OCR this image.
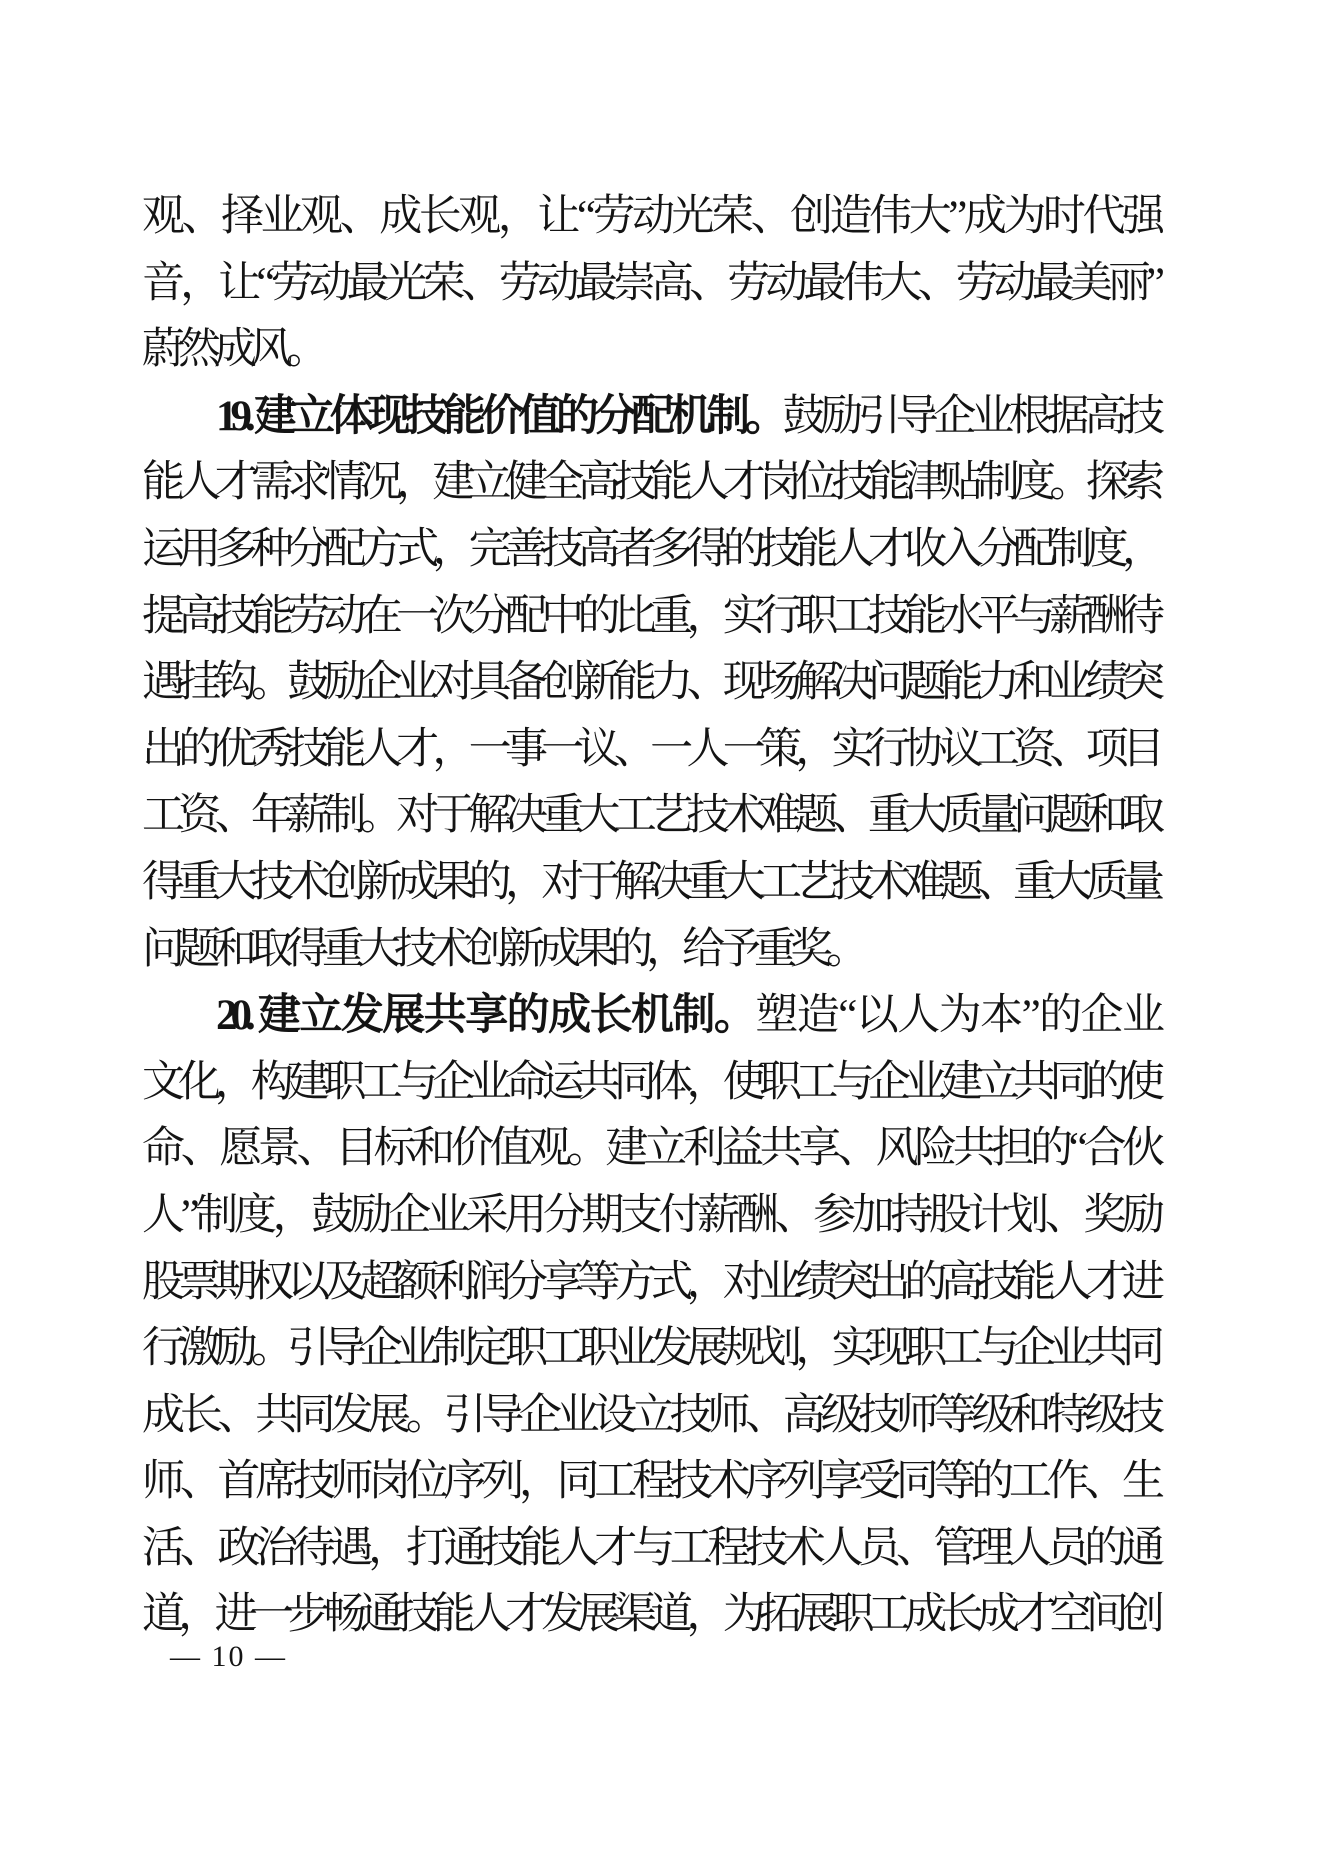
观、择业观、成长观，让“劳动光荣、创造伟大”成为时代强
音，让“劳动最光荣、劳动最崇高、劳动最伟大、劳动最美丽”
蔚然成风。
19. 建立体现技能价值的分配机制。鼓励引导企业根据高技
能人才需求情况，建立健全高技能人才岗位技能津贴制度。探索
运用多种分配方式，完善技高者多得的技能人才收入分配制度，
提高技能劳动在一次分配中的比重，实行职工技能水平与薪酬待
遇挂钩。鼓励企业对具备创新能力、现场解决问题能力和业绩突
出的优秀技能人才，一事一议、一人一策，实行协议工资、项目
工资、年薪制。对于解决重大工艺技术难题、重大质量问题和取
得重大技术创新成果的，对于解决重大工艺技术难题、重大质量
问题和取得重大技术创新成果的，给予重奖。
20. 建立发展共享的成长机制。塑造“以人为本”的企业
文化，构建职工与企业命运共同体，使职工与企业建立共同的使
命、愿景、目标和价值观。建立利益共享、风险共担的“合伙
人”制度，鼓励企业采用分期支付薪酬、参加持股计划、奖励
股票期权以及超额利润分享等方式，对业绩突出的高技能人才进
行激励。引导企业制定职工职业发展规划，实现职工与企业共同
成长、共同发展。引导企业设立技师、高级技师等级和特级技
师、首席技师岗位序列，同工程技术序列享受同等的工作、生
活、政治待遇，打通技能人才与工程技术人员、管理人员的通
道，进一步畅通技能人才发展渠道，为拓展职工成长成才空间创
— 10 —
